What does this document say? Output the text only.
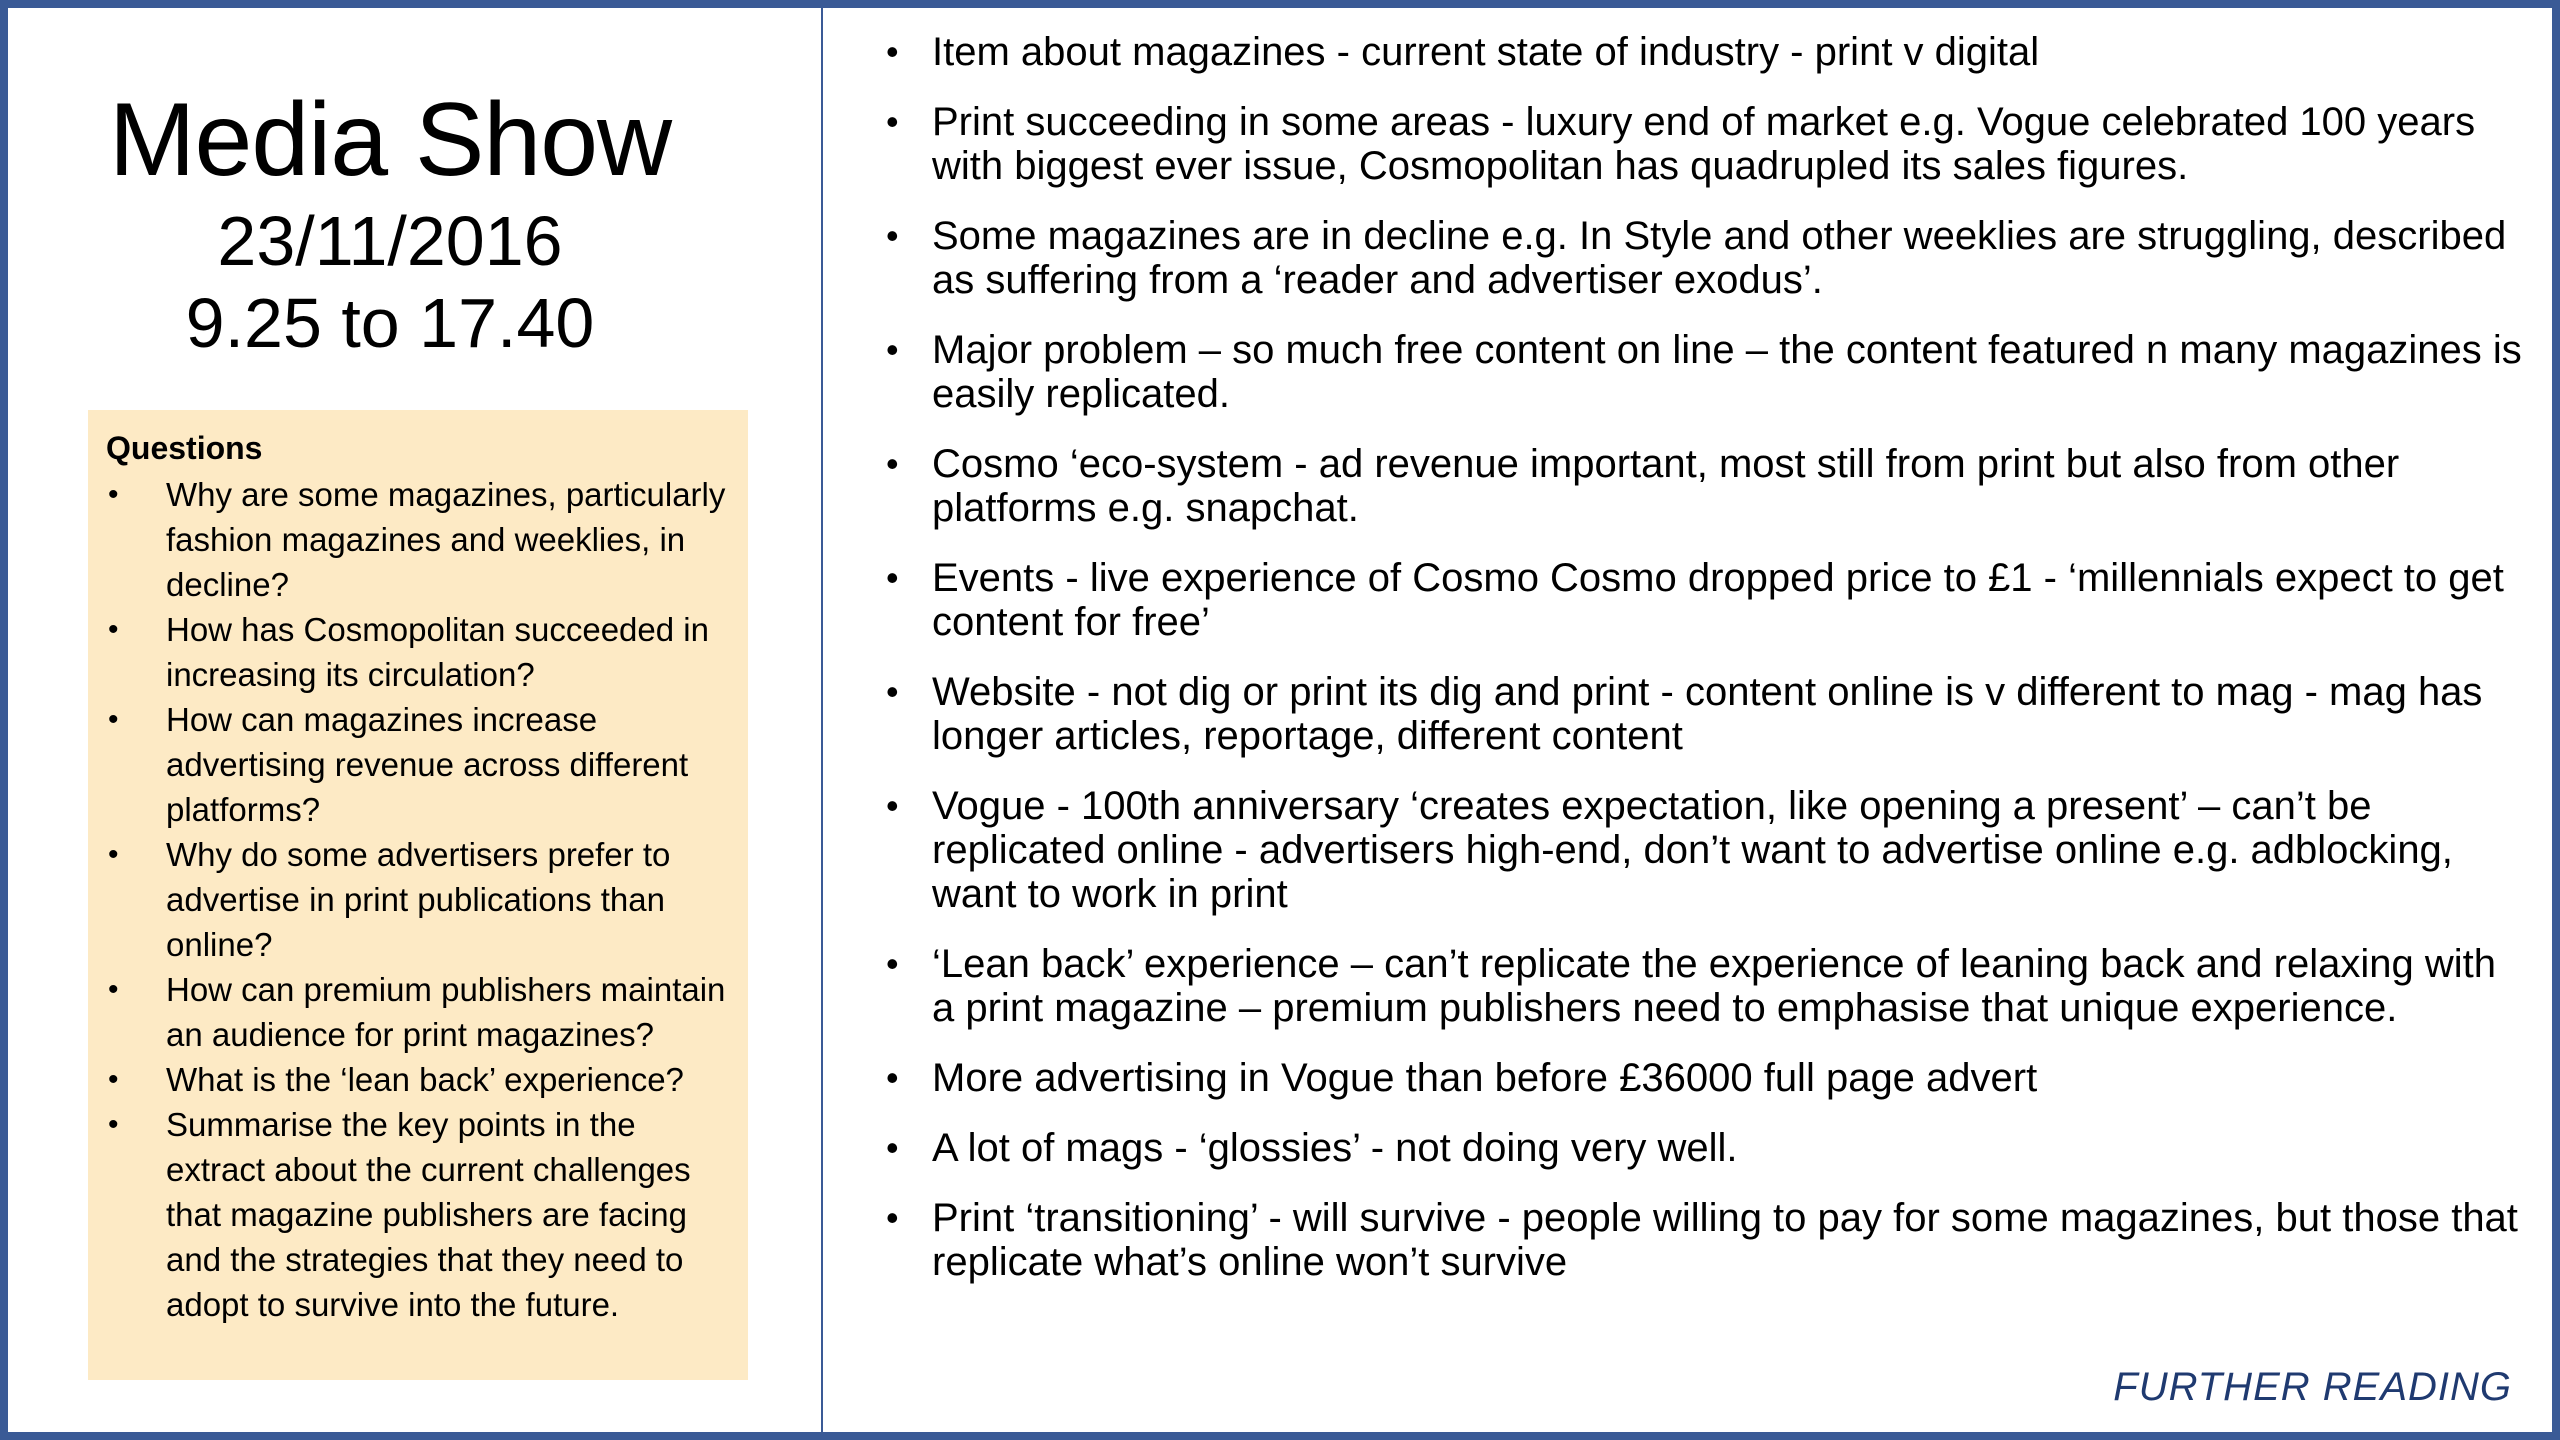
Media Show
23/11/2016
9.25 to 17.40
Questions
• Why are some magazines, particularly fashion magazines and weeklies, in decline?
• How has Cosmopolitan succeeded in increasing its circulation?
• How can magazines increase advertising revenue across different platforms?
• Why do some advertisers prefer to advertise in print publications than online?
• How can premium publishers maintain an audience for print magazines?
• What is the ‘lean back’ experience?
• Summarise the key points in the extract about the current challenges that magazine publishers are facing and the strategies that they need to adopt to survive into the future.
• Item about magazines - current state of industry - print v digital
• Print succeeding in some areas - luxury end of market e.g. Vogue celebrated 100 years with biggest ever issue, Cosmopolitan has quadrupled its sales figures.
• Some magazines are in decline e.g. In Style and other weeklies are struggling, described as suffering from a ‘reader and advertiser exodus’.
• Major problem – so much free content on line – the content featured n many magazines is easily replicated.
• Cosmo ‘eco-system - ad revenue important, most still from print but also from other platforms e.g. snapchat.
• Events - live experience of Cosmo Cosmo dropped price to £1 - ‘millennials expect to get content for free’
• Website - not dig or print its dig and print - content online is v different to mag - mag has longer articles, reportage, different content
• Vogue - 100th anniversary ‘creates expectation, like opening a present’ – can’t be replicated online - advertisers high-end, don’t want to advertise online e.g. adblocking, want to work in print
• ‘Lean back’ experience – can’t replicate the experience of leaning back and relaxing with a print magazine – premium publishers need to emphasise that unique experience.
• More advertising in Vogue than before £36000 full page advert
• A lot of mags - ‘glossies’ - not doing very well.
• Print ‘transitioning’ - will survive - people willing to pay for some magazines, but those that replicate what’s online won’t survive
FURTHER READING
